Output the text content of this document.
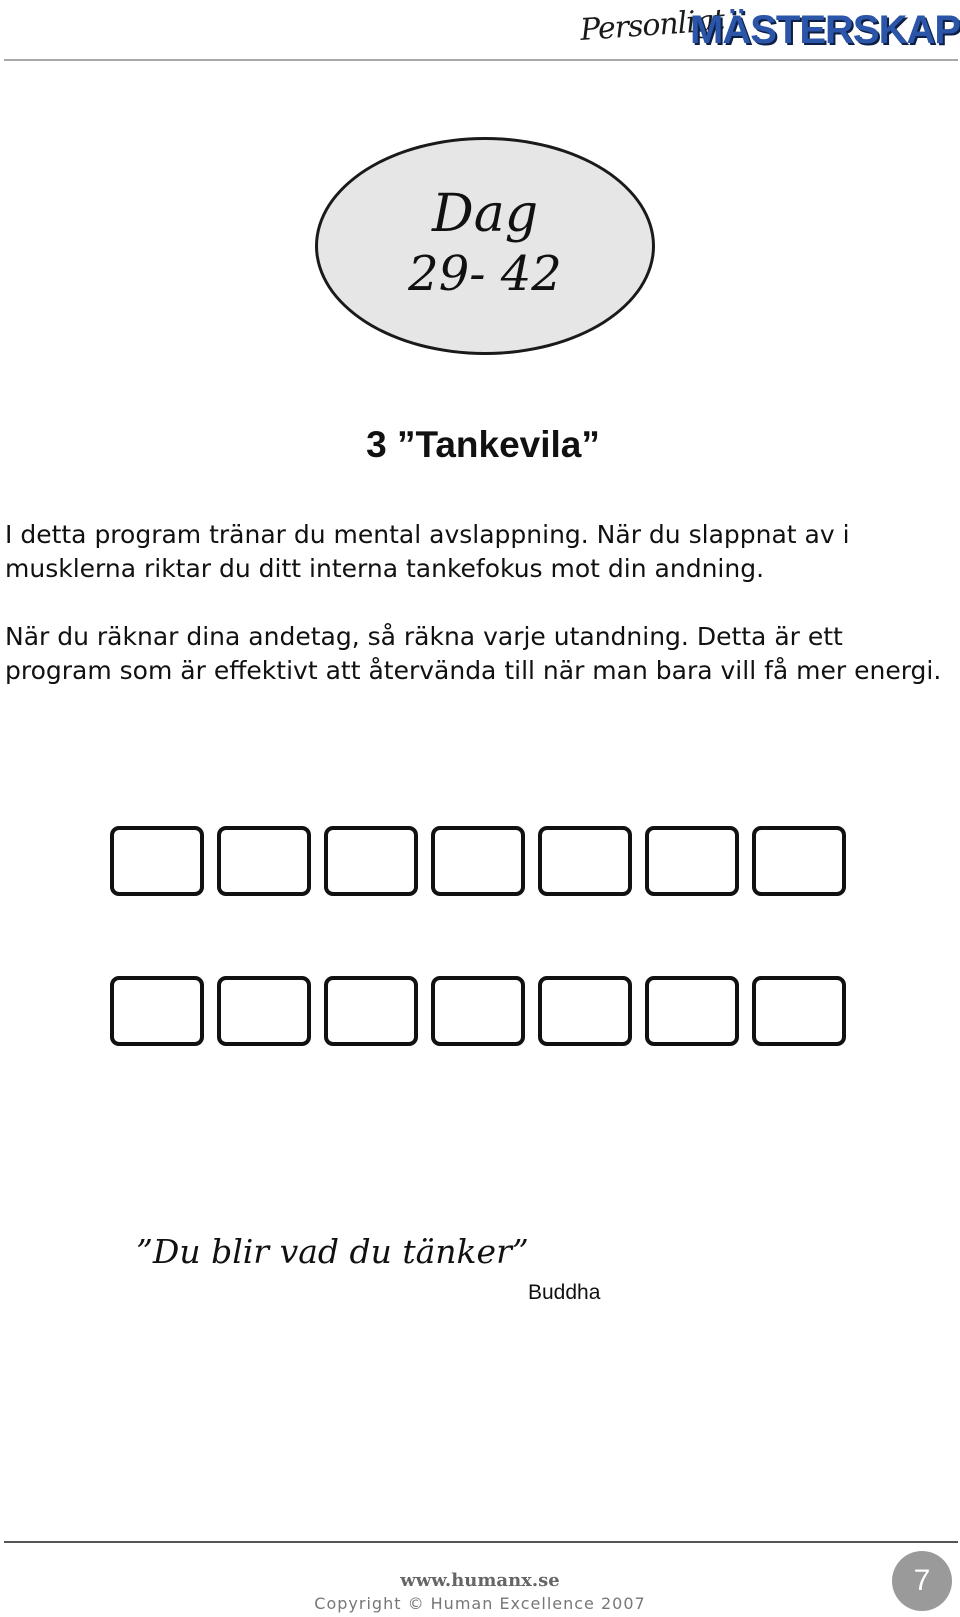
Personligt
MÄSTERSKAP
Dag
29- 42
3 ”Tankevila”
I detta program tränar du mental avslappning. När du slappnat av i musklerna riktar du ditt interna tankefokus mot din andning.
När du räknar dina andetag, så räkna varje utandning. Detta är ett program som är effektivt att återvända till när man bara vill få mer energi.
”Du blir vad du tänker”
Buddha
www.humanx.se
Copyright © Human Excellence 2007
7
